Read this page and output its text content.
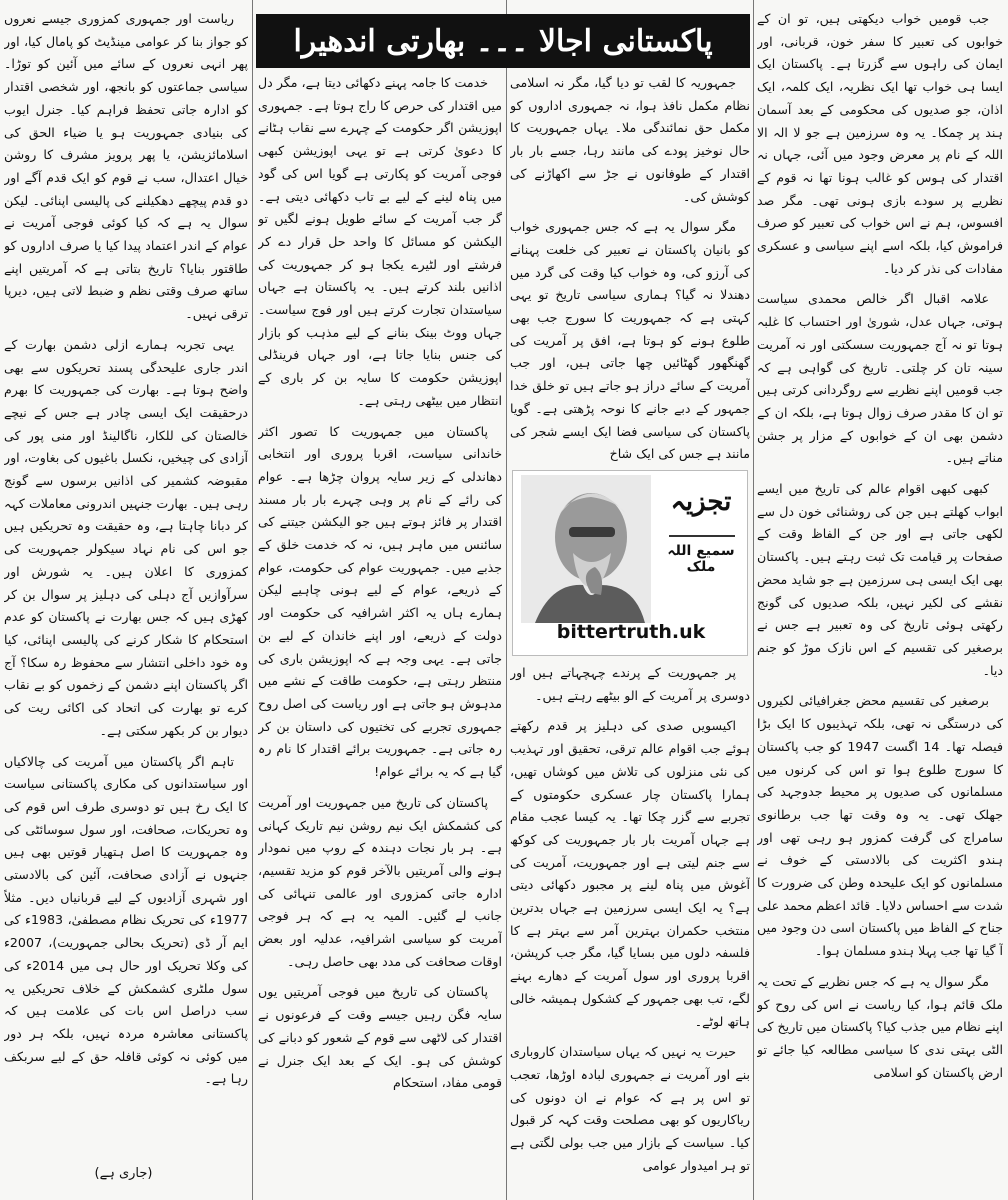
پاکستانی اجالا ۔۔۔ بھارتی اندھیرا

جب قومیں خواب دیکھتی ہیں، تو ان کے خوابوں کی تعبیر کا سفر خون، قربانی، اور ایمان کی راہوں سے گزرتا ہے۔ پاکستان ایک ایسا ہی خواب تھا ایک نظریہ، ایک کلمہ، ایک اذان، جو صدیوں کی محکومی کے بعد آسمان ہند پر چمکا۔ یہ وہ سرزمین ہے جو لا الہ الا اللہ کے نام پر معرض وجود میں آئی، جہاں نہ اقتدار کی ہوس کو غالب ہونا تھا نہ قوم کے نظریے پر سودے بازی ہونی تھی۔ مگر صد افسوس، ہم نے اس خواب کی تعبیر کو صرف فراموش کیا، بلکہ اسے اپنے سیاسی و عسکری مفادات کی نذر کر دیا۔

علامہ اقبال اگر خالص محمدی سیاست ہوتی، جہاں عدل، شوریٰ اور احتساب کا غلبہ ہوتا تو نہ آج جمہوریت سسکتی اور نہ آمریت سینہ تان کر چلتی۔ تاریخ کی گواہی ہے کہ جب قومیں اپنے نظریے سے روگردانی کرتی ہیں تو ان کا مقدر صرف زوال ہوتا ہے، بلکہ ان کے دشمن بھی ان کے خوابوں کے مزار پر جشن مناتے ہیں۔

کبھی کبھی اقوام عالم کی تاریخ میں ایسے ابواب کھلتے ہیں جن کی روشنائی خون دل سے لکھی جاتی ہے اور جن کے الفاظ وقت کے صفحات پر قیامت تک ثبت رہتے ہیں۔ پاکستان بھی ایک ایسی ہی سرزمین ہے جو شاید محض نقشے کی لکیر نہیں، بلکہ صدیوں کی گونج رکھتی ہوئی تاریخ کی وہ تعبیر ہے جس نے برصغیر کی تقسیم کے اس نازک موڑ کو جنم دیا۔

برصغیر کی تقسیم محض جغرافیائی لکیروں کی درستگی نہ تھی، بلکہ تہذیبوں کا ایک بڑا فیصلہ تھا۔ 14 اگست 1947 کو جب پاکستان کا سورج طلوع ہوا تو اس کی کرنوں میں مسلمانوں کی صدیوں پر محیط جدوجہد کی جھلک تھی۔ یہ وہ وقت تھا جب برطانوی سامراج کی گرفت کمزور ہو رہی تھی اور ہندو اکثریت کی بالادستی کے خوف نے مسلمانوں کو ایک علیحدہ وطن کی ضرورت کا شدت سے احساس دلایا۔ قائد اعظم محمد علی جناح کے الفاظ میں پاکستان اسی دن وجود میں آ گیا تھا جب پہلا ہندو مسلمان ہوا۔

مگر سوال یہ ہے کہ جس نظریے کے تحت یہ ملک قائم ہوا، کیا ریاست نے اس کی روح کو اپنے نظام میں جذب کیا؟ پاکستان میں تاریخ کی الٹی بہتی ندی کا سیاسی مطالعہ کیا جائے تو ارض پاکستان کو اسلامی

جمہوریہ کا لقب تو دیا گیا، مگر نہ اسلامی نظام مکمل نافذ ہوا، نہ جمہوری اداروں کو مکمل حق نمائندگی ملا۔ یہاں جمہوریت کا حال نوخیز پودے کی مانند رہا، جسے بار بار اقتدار کے طوفانوں نے جڑ سے اکھاڑنے کی کوشش کی۔

مگر سوال یہ ہے کہ جس جمہوری خواب کو بانیان پاکستان نے تعبیر کی خلعت پہنانے کی آرزو کی، وہ خواب کیا وقت کی گرد میں دھندلا نہ گیا؟ ہماری سیاسی تاریخ تو یہی کہتی ہے کہ جمہوریت کا سورج جب بھی طلوع ہونے کو ہوتا ہے، افق پر آمریت کی گھنگھور گھٹائیں چھا جاتی ہیں، اور جب آمریت کے سائے دراز ہو جاتے ہیں تو خلق خدا جمہور کے دبے جانے کا نوحہ پڑھتی ہے۔ گویا پاکستان کی سیاسی فضا ایک ایسے شجر کی مانند ہے جس کی ایک شاخ

تجزیہ
سمیع اللہ ملک
bittertruth.uk

پر جمہوریت کے پرندے چہچہاتے ہیں اور دوسری پر آمریت کے الو بیٹھے رہتے ہیں۔

اکیسویں صدی کی دہلیز پر قدم رکھتے ہوئے جب اقوام عالم ترقی، تحقیق اور تہذیب کی نئی منزلوں کی تلاش میں کوشاں تھیں، ہمارا پاکستان چار عسکری حکومتوں کے تجربے سے گزر چکا تھا۔ یہ کیسا عجب مقام ہے جہاں آمریت بار بار جمہوریت کی کوکھ سے جنم لیتی ہے اور جمہوریت، آمریت کی آغوش میں پناہ لینے پر مجبور دکھائی دیتی ہے؟ یہ ایک ایسی سرزمین ہے جہاں بدترین منتخب حکمران بہترین آمر سے بہتر ہے کا فلسفہ دلوں میں بسایا گیا، مگر جب کرپشن، اقربا پروری اور سول آمریت کے دھارے بہنے لگے، تب بھی جمہور کے کشکول ہمیشہ خالی ہاتھ لوٹے۔

حیرت یہ نہیں کہ یہاں سیاستدان کاروباری بنے اور آمریت نے جمہوری لبادہ اوڑھا، تعجب تو اس پر ہے کہ عوام نے ان دونوں کی ریاکاریوں کو بھی مصلحت وقت کہہ کر قبول کیا۔ سیاست کے بازار میں جب بولی لگتی ہے تو ہر امیدوار عوامی

خدمت کا جامہ پہنے دکھائی دیتا ہے، مگر دل میں اقتدار کی حرص کا راج ہوتا ہے۔ جمہوری اپوزیشن اگر حکومت کے چہرے سے نقاب ہٹانے کا دعویٰ کرتی ہے تو یہی اپوزیشن کبھی فوجی آمریت کو پکارتی ہے گویا اس کی گود میں پناہ لینے کے لیے بے تاب دکھائی دیتی ہے۔ گر جب آمریت کے سائے طویل ہونے لگیں تو الیکشن کو مسائل کا واحد حل قرار دے کر فرشتے اور لٹیرے یکجا ہو کر جمہوریت کی اذانیں بلند کرتے ہیں۔ یہ پاکستان ہے جہاں سیاستدان تجارت کرتے ہیں اور فوج سیاست۔ جہاں ووٹ بینک بنانے کے لیے مذہب کو بازار کی جنس بنایا جاتا ہے، اور جہاں فرینڈلی اپوزیشن حکومت کا سایہ بن کر باری کے انتظار میں بیٹھی رہتی ہے۔

پاکستان میں جمہوریت کا تصور اکثر خاندانی سیاست، اقربا پروری اور انتخابی دھاندلی کے زیر سایہ پروان چڑھا ہے۔ عوام کی رائے کے نام پر وہی چہرے بار بار مسند اقتدار پر فائز ہوتے ہیں جو الیکشن جیتنے کی سائنس میں ماہر ہیں، نہ کہ خدمت خلق کے جذبے میں۔ جمہوریت عوام کی حکومت، عوام کے ذریعے، عوام کے لیے ہونی چاہیے لیکن ہمارے ہاں یہ اکثر اشرافیہ کی حکومت اور دولت کے ذریعے، اور اپنے خاندان کے لیے بن جاتی ہے۔ یہی وجہ ہے کہ اپوزیشن باری کی منتظر رہتی ہے، حکومت طاقت کے نشے میں مدہوش ہو جاتی ہے اور ریاست کی اصل روح جمہوری تجربے کی تختیوں کی داستان بن کر رہ جاتی ہے۔ جمہوریت برائے اقتدار کا نام رہ گیا ہے کہ یہ برائے عوام!

پاکستان کی تاریخ میں جمہوریت اور آمریت کی کشمکش ایک نیم روشن نیم تاریک کہانی ہے۔ ہر بار نجات دہندہ کے روپ میں نمودار ہونے والی آمریتیں بالآخر قوم کو مزید تقسیم، ادارہ جاتی کمزوری اور عالمی تنہائی کی جانب لے گئیں۔ المیہ یہ ہے کہ ہر فوجی آمریت کو سیاسی اشرافیہ، عدلیہ اور بعض اوقات صحافت کی مدد بھی حاصل رہی۔

پاکستان کی تاریخ میں فوجی آمریتیں یوں سایہ فگن رہیں جیسے وقت کے فرعونوں نے اقتدار کی لاٹھی سے قوم کے شعور کو دبانے کی کوشش کی ہو۔ ایک کے بعد ایک جنرل نے قومی مفاد، استحکام

ریاست اور جمہوری کمزوری جیسے نعروں کو جواز بنا کر عوامی مینڈیٹ کو پامال کیا، اور پھر انہی نعروں کے سائے میں آئین کو توڑا۔ سیاسی جماعتوں کو بانجھ، اور شخصی اقتدار کو ادارہ جاتی تحفظ فراہم کیا۔ جنرل ایوب کی بنیادی جمہوریت ہو یا ضیاء الحق کی اسلامائزیشن، یا پھر پرویز مشرف کا روشن خیال اعتدال، سب نے قوم کو ایک قدم آگے اور دو قدم پیچھے دھکیلنے کی پالیسی اپنائی۔ لیکن سوال یہ ہے کہ کیا کوئی فوجی آمریت نے عوام کے اندر اعتماد پیدا کیا یا صرف اداروں کو طاقتور بنایا؟ تاریخ بتاتی ہے کہ آمریتیں اپنے ساتھ صرف وقتی نظم و ضبط لاتی ہیں، دیرپا ترقی نہیں۔

یہی تجربہ ہمارے ازلی دشمن بھارت کے اندر جاری علیحدگی پسند تحریکوں سے بھی واضح ہوتا ہے۔ بھارت کی جمہوریت کا بھرم درحقیقت ایک ایسی چادر ہے جس کے نیچے خالصتان کی للکار، ناگالینڈ اور منی پور کی آزادی کی چیخیں، نکسل باغیوں کی بغاوت، اور مقبوضہ کشمیر کی اذانیں برسوں سے گونج رہی ہیں۔ بھارت جنہیں اندرونی معاملات کہہ کر دبانا چاہتا ہے، وہ حقیقت وہ تحریکیں ہیں جو اس کی نام نہاد سیکولر جمہوریت کی کمزوری کا اعلان ہیں۔ یہ شورش اور سرآوازیں آج دہلی کی دہلیز پر سوال بن کر کھڑی ہیں کہ جس بھارت نے پاکستان کو عدم استحکام کا شکار کرنے کی پالیسی اپنائی، کیا وہ خود داخلی انتشار سے محفوظ رہ سکا؟ آج اگر پاکستان اپنے دشمن کے زخموں کو بے نقاب کرے تو بھارت کی اتحاد کی اکائی ریت کی دیوار بن کر بکھر سکتی ہے۔

تاہم اگر پاکستان میں آمریت کی چالاکیاں اور سیاستدانوں کی مکاری پاکستانی سیاست کا ایک رخ ہیں تو دوسری طرف اس قوم کی وہ تحریکات، صحافت، اور سول سوسائٹی کی وہ جمہوریت کا اصل ہتھیار قوتیں بھی ہیں جنہوں نے آزادی صحافت، آئین کی بالادستی اور شہری آزادیوں کے لیے قربانیاں دیں۔ مثلاً 1977ء کی تحریک نظام مصطفیٰ، 1983ء کی ایم آر ڈی (تحریک بحالی جمہوریت)، 2007ء کی وکلا تحریک اور حال ہی میں 2014ء کی سول ملٹری کشمکش کے خلاف تحریکیں یہ سب دراصل اس بات کی علامت ہیں کہ پاکستانی معاشرہ مردہ نہیں، بلکہ ہر دور میں کوئی نہ کوئی قافلہ حق کے لیے سربکف رہا ہے۔

(جاری ہے)
